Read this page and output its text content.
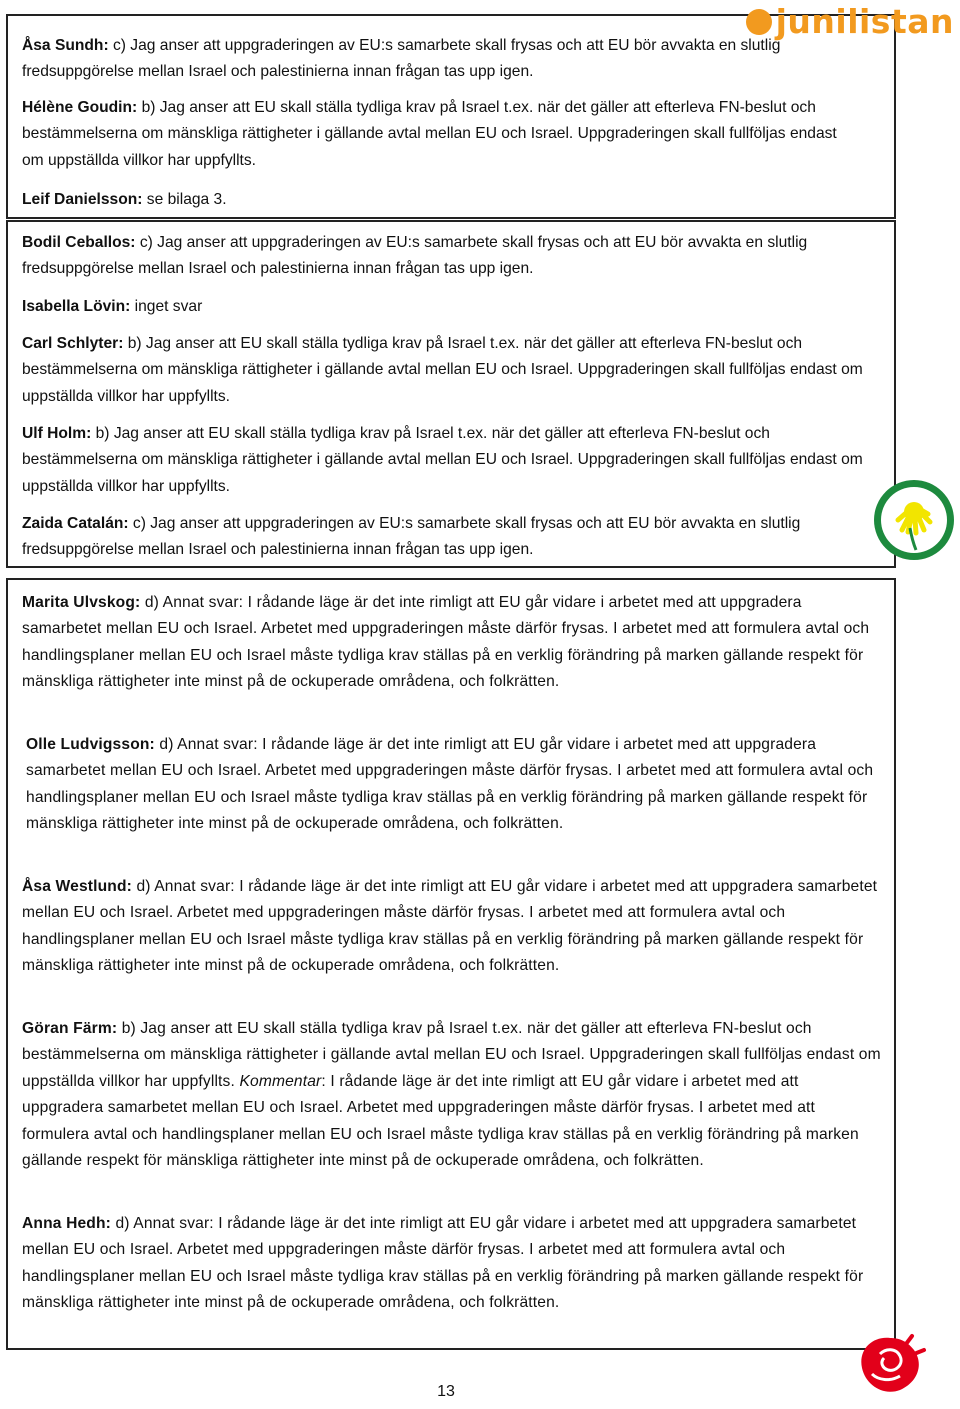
Åsa Sundh: c) Jag anser att uppgraderingen av EU:s samarbete skall frysas och att EU bör avvakta en slutlig fredsuppgörelse mellan Israel och palestinierna innan frågan tas upp igen.

Hélène Goudin: b) Jag anser att EU skall ställa tydliga krav på Israel t.ex. när det gäller att efterleva FN-beslut och bestämmelserna om mänskliga rättigheter i gällande avtal mellan EU och Israel. Uppgraderingen skall fullföljas endast om uppställda villkor har uppfyllts.

Leif Danielsson: se bilaga 3.

junilistan

Bodil Ceballos: c) Jag anser att uppgraderingen av EU:s samarbete skall frysas och att EU bör avvakta en slutlig fredsuppgörelse mellan Israel och palestinierna innan frågan tas upp igen.

Isabella Lövin: inget svar

Carl Schlyter: b) Jag anser att EU skall ställa tydliga krav på Israel t.ex. när det gäller att efterleva FN-beslut och bestämmelserna om mänskliga rättigheter i gällande avtal mellan EU och Israel. Uppgraderingen skall fullföljas endast om uppställda villkor har uppfyllts.

Ulf Holm: b) Jag anser att EU skall ställa tydliga krav på Israel t.ex. när det gäller att efterleva FN-beslut och bestämmelserna om mänskliga rättigheter i gällande avtal mellan EU och Israel. Uppgraderingen skall fullföljas endast om uppställda villkor har uppfyllts.

Zaida Catalán: c) Jag anser att uppgraderingen av EU:s samarbete skall frysas och att EU bör avvakta en slutlig fredsuppgörelse mellan Israel och palestinierna innan frågan tas upp igen.

Marita Ulvskog: d) Annat svar: I rådande läge är det inte rimligt att EU går vidare i arbetet med att uppgradera samarbetet mellan EU och Israel. Arbetet med uppgraderingen måste därför frysas. I arbetet med att formulera avtal och handlingsplaner mellan EU och Israel måste tydliga krav ställas på en verklig förändring på marken gällande respekt för mänskliga rättigheter inte minst på de ockuperade områdena, och folkrätten.

Olle Ludvigsson: d) Annat svar: I rådande läge är det inte rimligt att EU går vidare i arbetet med att uppgradera samarbetet mellan EU och Israel. Arbetet med uppgraderingen måste därför frysas. I arbetet med att formulera avtal och handlingsplaner mellan EU och Israel måste tydliga krav ställas på en verklig förändring på marken gällande respekt för mänskliga rättigheter inte minst på de ockuperade områdena, och folkrätten.

Åsa Westlund: d) Annat svar: I rådande läge är det inte rimligt att EU går vidare i arbetet med att uppgradera samarbetet mellan EU och Israel. Arbetet med uppgraderingen måste därför frysas. I arbetet med att formulera avtal och handlingsplaner mellan EU och Israel måste tydliga krav ställas på en verklig förändring på marken gällande respekt för mänskliga rättigheter inte minst på de ockuperade områdena, och folkrätten.

Göran Färm: b) Jag anser att EU skall ställa tydliga krav på Israel t.ex. när det gäller att efterleva FN-beslut och bestämmelserna om mänskliga rättigheter i gällande avtal mellan EU och Israel. Uppgraderingen skall fullföljas endast om uppställda villkor har uppfyllts. Kommentar: I rådande läge är det inte rimligt att EU går vidare i arbetet med att uppgradera samarbetet mellan EU och Israel. Arbetet med uppgraderingen måste därför frysas. I arbetet med att formulera avtal och handlingsplaner mellan EU och Israel måste tydliga krav ställas på en verklig förändring på marken gällande respekt för mänskliga rättigheter inte minst på de ockuperade områdena, och folkrätten.

Anna Hedh: d) Annat svar: I rådande läge är det inte rimligt att EU går vidare i arbetet med att uppgradera samarbetet mellan EU och Israel. Arbetet med uppgraderingen måste därför frysas. I arbetet med att formulera avtal och handlingsplaner mellan EU och Israel måste tydliga krav ställas på en verklig förändring på marken gällande respekt för mänskliga rättigheter inte minst på de ockuperade områdena, och folkrätten.

13
